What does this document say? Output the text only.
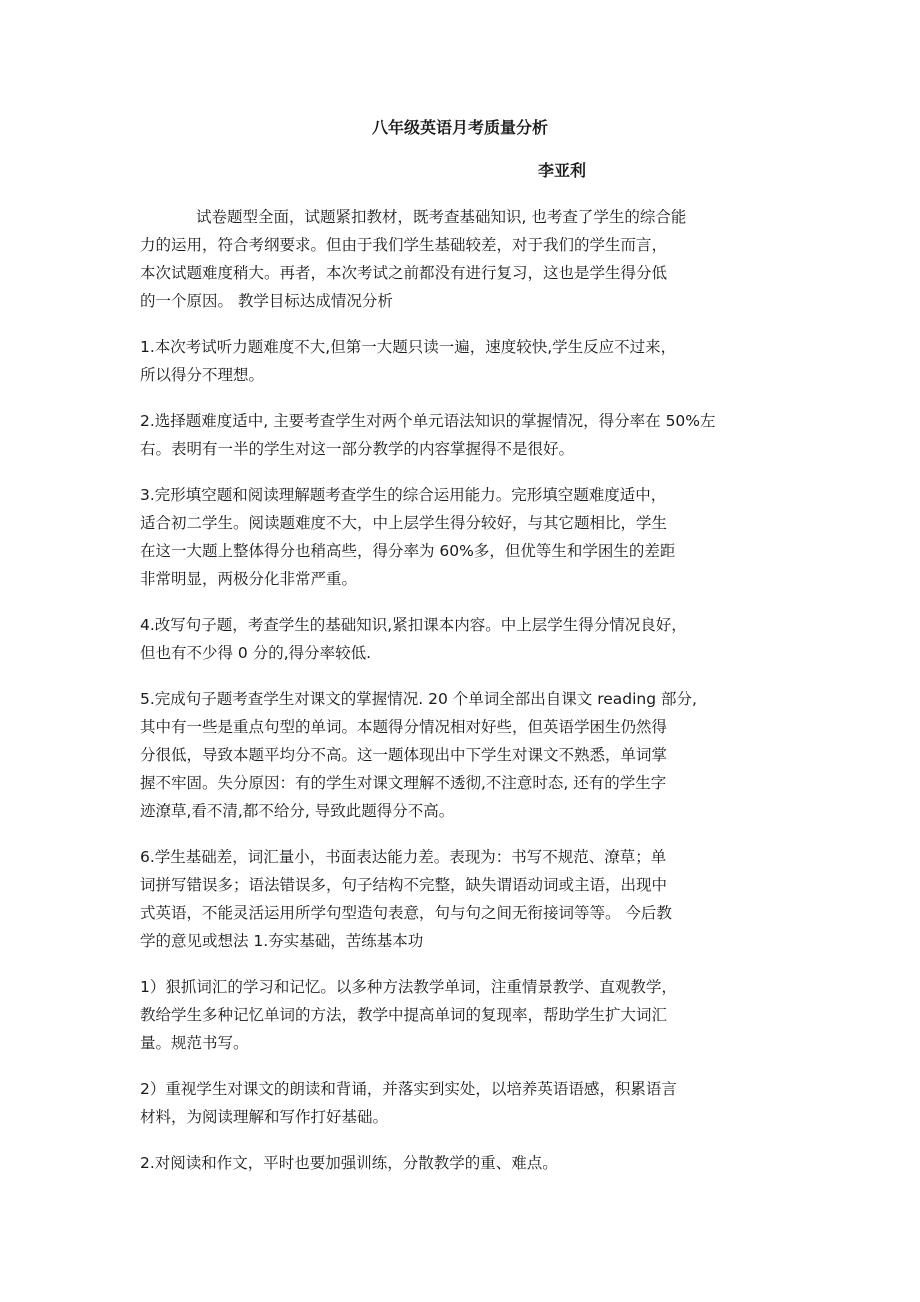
八年级英语月考质量分析
李亚利

试卷题型全面，试题紧扣教材，既考查基础知识, 也考查了学生的综合能
力的运用，符合考纲要求。但由于我们学生基础较差，对于我们的学生而言，
本次试题难度稍大。再者，本次考试之前都没有进行复习，这也是学生得分低
的一个原因。 教学目标达成情况分析

1.本次考试听力题难度不大,但第一大题只读一遍，速度较快,学生反应不过来，
所以得分不理想。

2.选择题难度适中, 主要考查学生对两个单元语法知识的掌握情况，得分率在 50%左
右。表明有一半的学生对这一部分教学的内容掌握得不是很好。

3.完形填空题和阅读理解题考查学生的综合运用能力。完形填空题难度适中，
适合初二学生。阅读题难度不大，中上层学生得分较好，与其它题相比，学生
在这一大题上整体得分也稍高些，得分率为 60%多，但优等生和学困生的差距
非常明显，两极分化非常严重。

4.改写句子题，考查学生的基础知识,紧扣课本内容。中上层学生得分情况良好，
但也有不少得 0 分的,得分率较低.

5.完成句子题考查学生对课文的掌握情况. 20 个单词全部出自课文 reading 部分,
其中有一些是重点句型的单词。本题得分情况相对好些，但英语学困生仍然得
分很低，导致本题平均分不高。这一题体现出中下学生对课文不熟悉，单词掌
握不牢固。失分原因：有的学生对课文理解不透彻,不注意时态, 还有的学生字
迹潦草,看不清,都不给分, 导致此题得分不高。

6.学生基础差，词汇量小，书面表达能力差。表现为：书写不规范、潦草；单
词拼写错误多；语法错误多，句子结构不完整，缺失谓语动词或主语，出现中
式英语，不能灵活运用所学句型造句表意，句与句之间无衔接词等等。 今后教
学的意见或想法 1.夯实基础，苦练基本功

1）狠抓词汇的学习和记忆。以多种方法教学单词，注重情景教学、直观教学，
教给学生多种记忆单词的方法，教学中提高单词的复现率，帮助学生扩大词汇
量。规范书写。

2）重视学生对课文的朗读和背诵，并落实到实处，以培养英语语感，积累语言
材料，为阅读理解和写作打好基础。

2.对阅读和作文，平时也要加强训练，分散教学的重、难点。
